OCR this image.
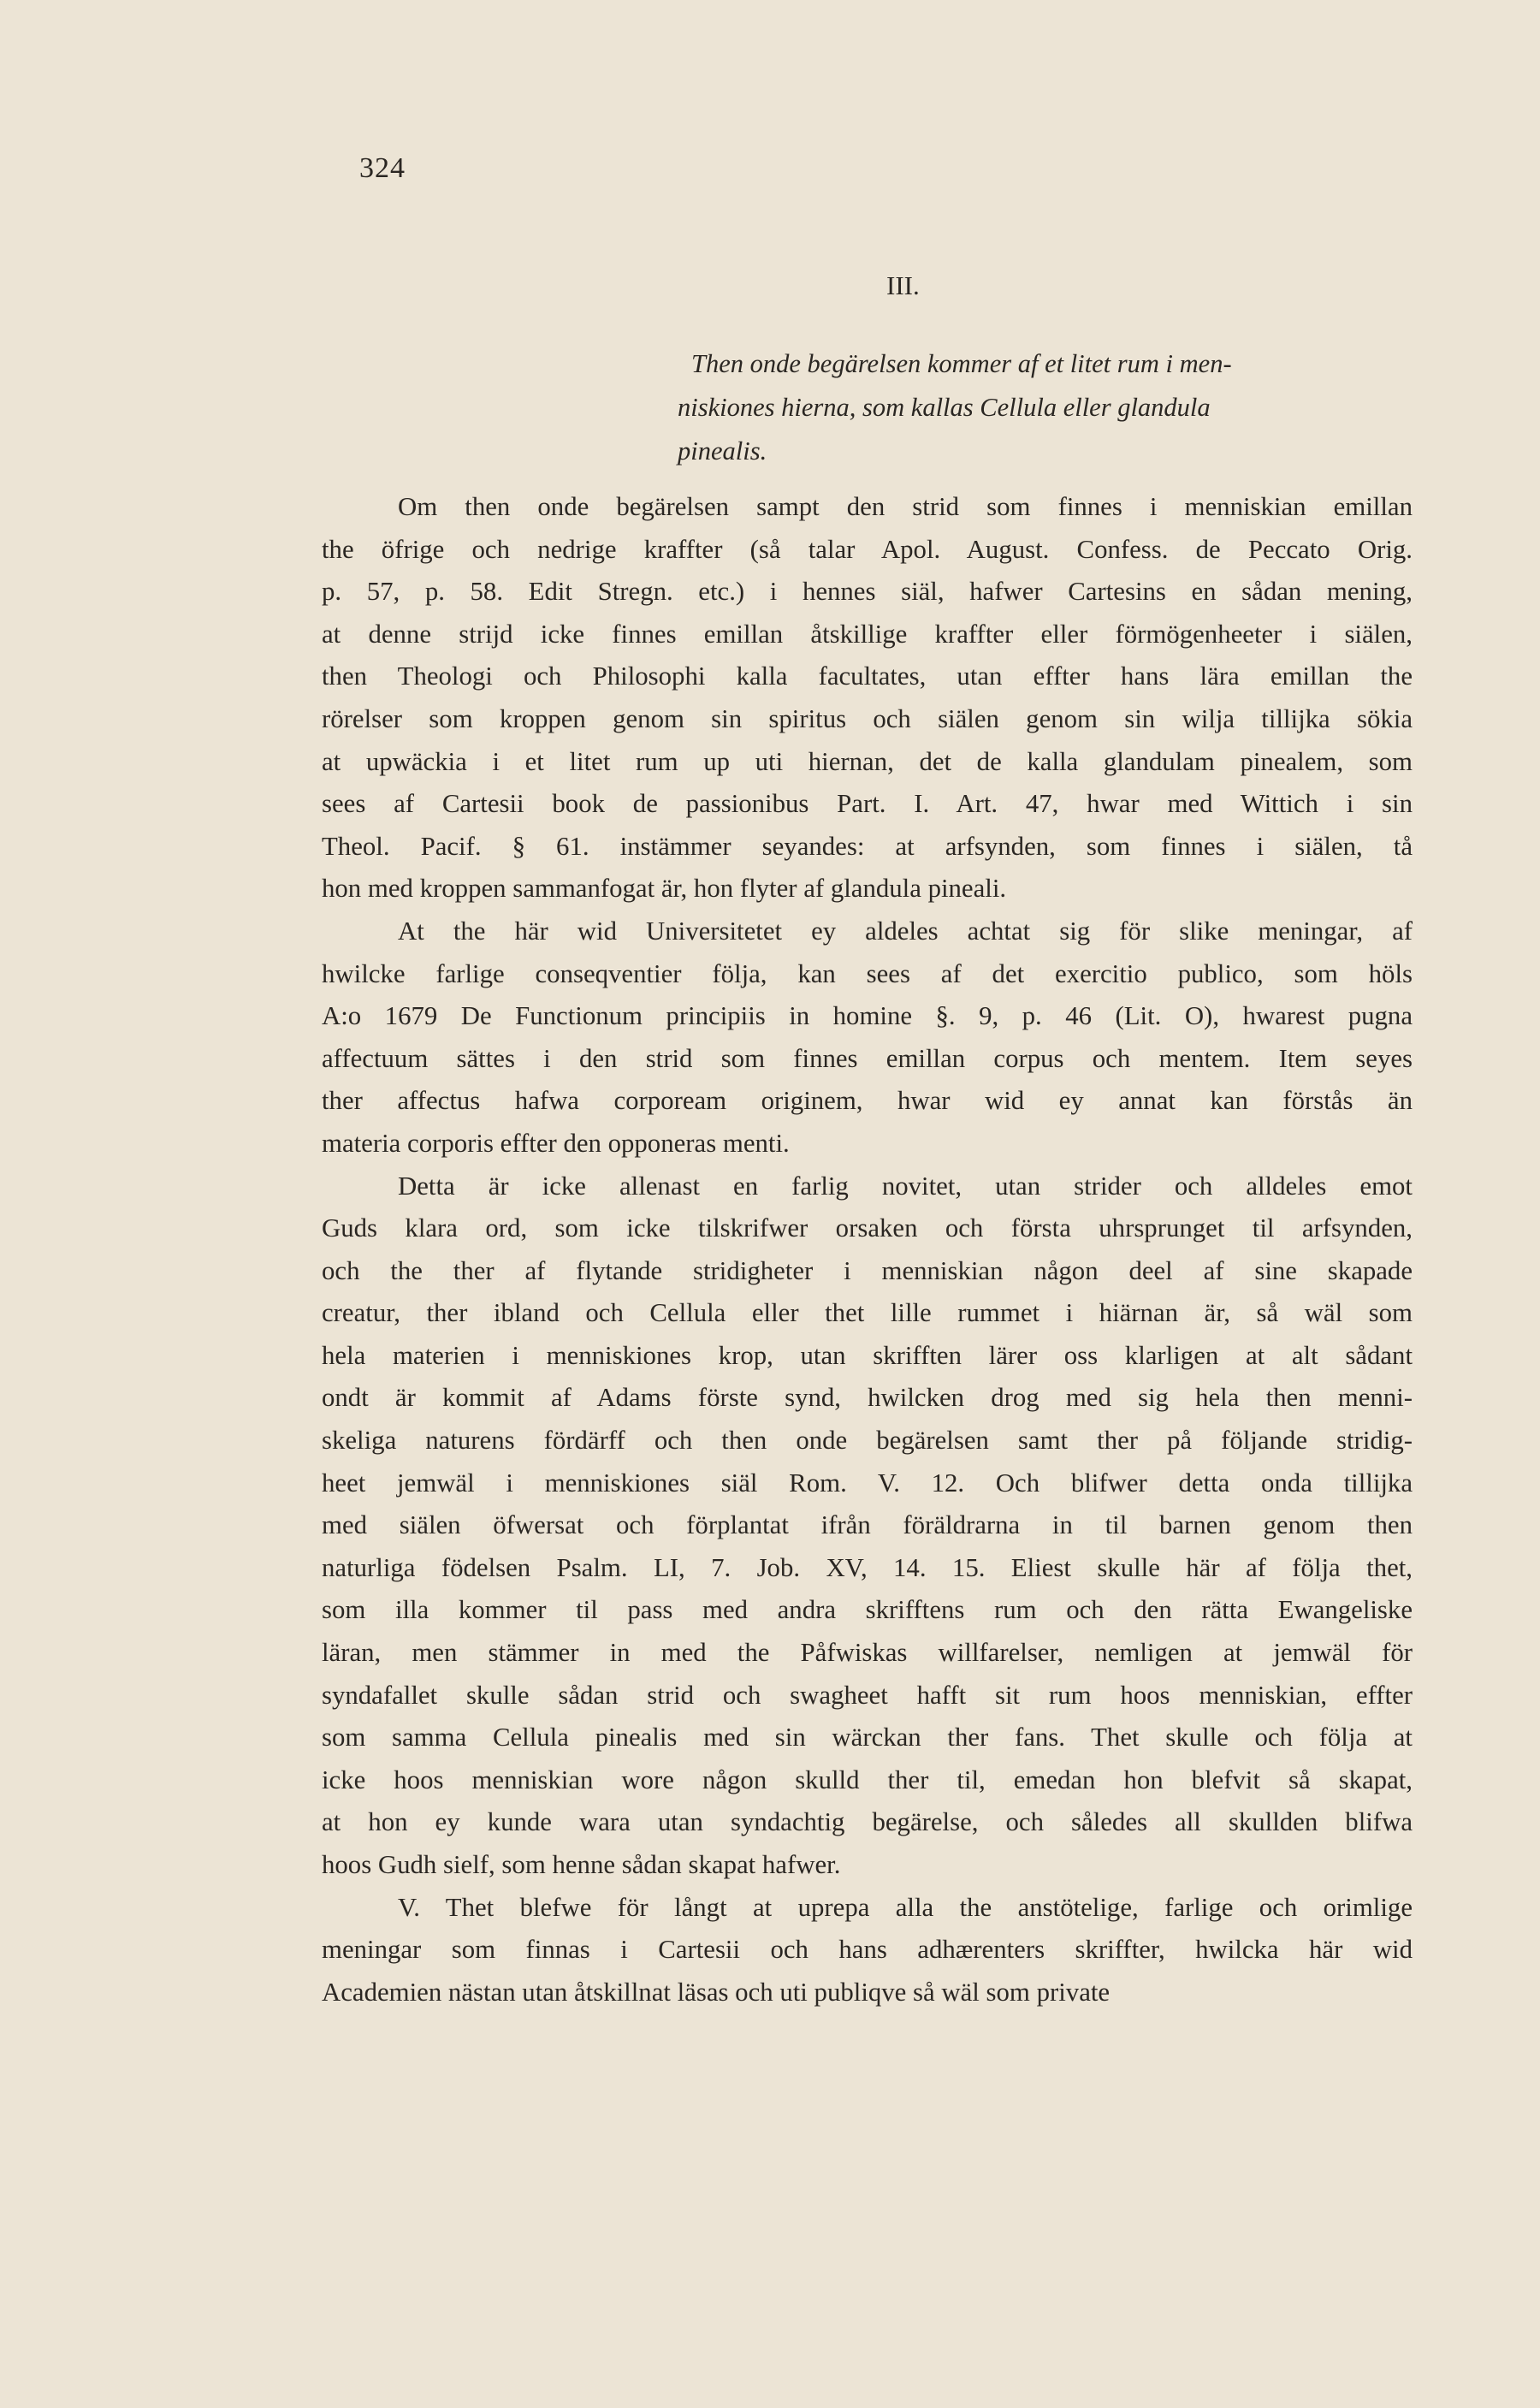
324
III.
Then onde begärelsen kommer af et litet rum i men-
niskiones hierna, som kallas Cellula eller glandula
pinealis.
Om then onde begärelsen sampt den strid som finnes i menniskian emillan
the öfrige och nedrige kraffter (så talar Apol. August. Confess. de Peccato Orig.
p. 57, p. 58. Edit Stregn. etc.) i hennes siäl, hafwer Cartesins en sådan mening,
at denne strijd icke finnes emillan åtskillige kraffter eller förmögenheeter i siälen,
then Theologi och Philosophi kalla facultates, utan effter hans lära emillan the
rörelser som kroppen genom sin spiritus och siälen genom sin wilja tillijka sökia
at upwäckia i et litet rum up uti hiernan, det de kalla glandulam pinealem, som
sees af Cartesii book de passionibus Part. I. Art. 47, hwar med Wittich i sin
Theol. Pacif. § 61. instämmer seyandes: at arfsynden, som finnes i siälen, tå
hon med kroppen sammanfogat är, hon flyter af glandula pineali.
At the här wid Universitetet ey aldeles achtat sig för slike meningar, af
hwilcke farlige conseqventier följa, kan sees af det exercitio publico, som höls
A:o 1679 De Functionum principiis in homine §. 9, p. 46 (Lit. O), hwarest pugna
affectuum sättes i den strid som finnes emillan corpus och mentem. Item seyes
ther affectus hafwa corpoream originem, hwar wid ey annat kan förstås än
materia corporis effter den opponeras menti.
Detta är icke allenast en farlig novitet, utan strider och alldeles emot
Guds klara ord, som icke tilskrifwer orsaken och första uhrsprunget til arfsynden,
och the ther af flytande stridigheter i menniskian någon deel af sine skapade
creatur, ther ibland och Cellula eller thet lille rummet i hiärnan är, så wäl som
hela materien i menniskiones krop, utan skrifften lärer oss klarligen at alt sådant
ondt är kommit af Adams förste synd, hwilcken drog med sig hela then menni-
skeliga naturens fördärff och then onde begärelsen samt ther på följande stridig-
heet jemwäl i menniskiones siäl Rom. V. 12. Och blifwer detta onda tillijka
med siälen öfwersat och förplantat ifrån föräldrarna in til barnen genom then
naturliga födelsen Psalm. LI, 7. Job. XV, 14. 15. Eliest skulle här af följa thet,
som illa kommer til pass med andra skrifftens rum och den rätta Ewangeliske
läran, men stämmer in med the Påfwiskas willfarelser, nemligen at jemwäl för
syndafallet skulle sådan strid och swagheet hafft sit rum hoos menniskian, effter
som samma Cellula pinealis med sin wärckan ther fans. Thet skulle och följa at
icke hoos menniskian wore någon skulld ther til, emedan hon blefvit så skapat,
at hon ey kunde wara utan syndachtig begärelse, och således all skullden blifwa
hoos Gudh sielf, som henne sådan skapat hafwer.
V. Thet blefwe för långt at uprepa alla the anstötelige, farlige och orimlige
meningar som finnas i Cartesii och hans adhærenters skriffter, hwilcka här wid
Academien nästan utan åtskillnat läsas och uti publiqve så wäl som private
